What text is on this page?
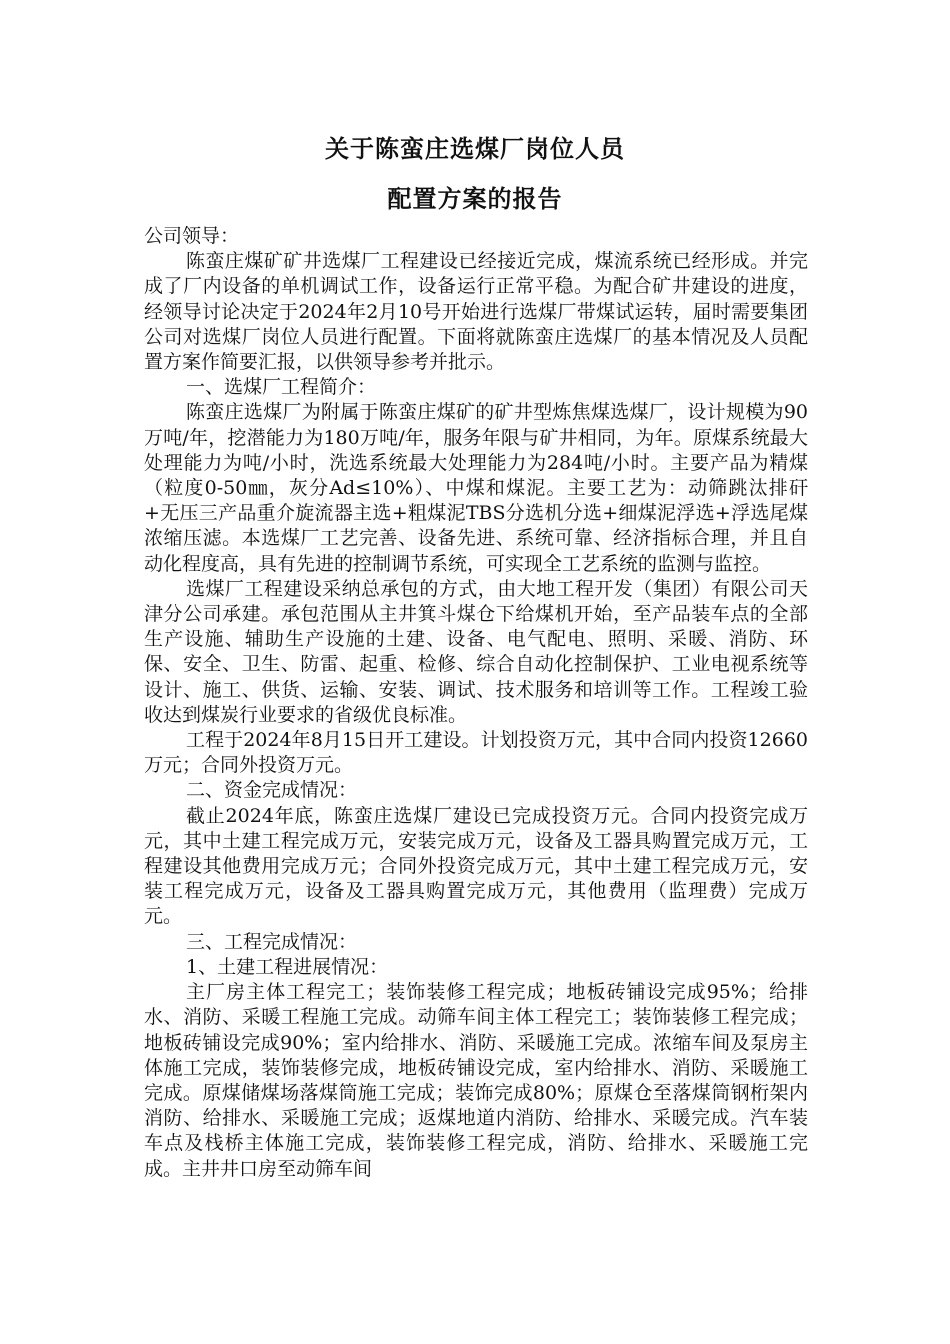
关于陈蛮庄选煤厂岗位人员
配置方案的报告

公司领导：

陈蛮庄煤矿矿井选煤厂工程建设已经接近完成，煤流系统已经形成。并完成了厂内设备的单机调试工作，设备运行正常平稳。为配合矿井建设的进度，经领导讨论决定于2024年2月10号开始进行选煤厂带煤试运转，届时需要集团公司对选煤厂岗位人员进行配置。下面将就陈蛮庄选煤厂的基本情况及人员配置方案作简要汇报，以供领导参考并批示。

一、选煤厂工程简介：

陈蛮庄选煤厂为附属于陈蛮庄煤矿的矿井型炼焦煤选煤厂，设计规模为90万吨/年，挖潜能力为180万吨/年，服务年限与矿井相同，为年。原煤系统最大处理能力为吨/小时，洗选系统最大处理能力为284吨/小时。主要产品为精煤（粒度0-50㎜，灰分Ad≤10%）、中煤和煤泥。主要工艺为：动筛跳汰排矸+无压三产品重介旋流器主选+粗煤泥TBS分选机分选+细煤泥浮选+浮选尾煤浓缩压滤。本选煤厂工艺完善、设备先进、系统可靠、经济指标合理，并且自动化程度高，具有先进的控制调节系统，可实现全工艺系统的监测与监控。

选煤厂工程建设采纳总承包的方式，由大地工程开发（集团）有限公司天津分公司承建。承包范围从主井箕斗煤仓下给煤机开始，至产品装车点的全部生产设施、辅助生产设施的土建、设备、电气配电、照明、采暖、消防、环保、安全、卫生、防雷、起重、检修、综合自动化控制保护、工业电视系统等设计、施工、供货、运输、安装、调试、技术服务和培训等工作。工程竣工验收达到煤炭行业要求的省级优良标准。

工程于2024年8月15日开工建设。计划投资万元，其中合同内投资12660万元；合同外投资万元。

二、资金完成情况：

截止2024年底，陈蛮庄选煤厂建设已完成投资万元。合同内投资完成万元，其中土建工程完成万元，安装完成万元，设备及工器具购置完成万元，工程建设其他费用完成万元；合同外投资完成万元，其中土建工程完成万元，安装工程完成万元，设备及工器具购置完成万元，其他费用（监理费）完成万元。

三、工程完成情况：

1、土建工程进展情况：

主厂房主体工程完工；装饰装修工程完成；地板砖铺设完成95%；给排水、消防、采暖工程施工完成。动筛车间主体工程完工；装饰装修工程完成；地板砖铺设完成90%；室内给排水、消防、采暖施工完成。浓缩车间及泵房主体施工完成，装饰装修完成，地板砖铺设完成，室内给排水、消防、采暖施工完成。原煤储煤场落煤筒施工完成；装饰完成80%；原煤仓至落煤筒钢桁架内消防、给排水、采暖施工完成；返煤地道内消防、给排水、采暖完成。汽车装车点及栈桥主体施工完成，装饰装修工程完成，消防、给排水、采暖施工完成。主井井口房至动筛车间
